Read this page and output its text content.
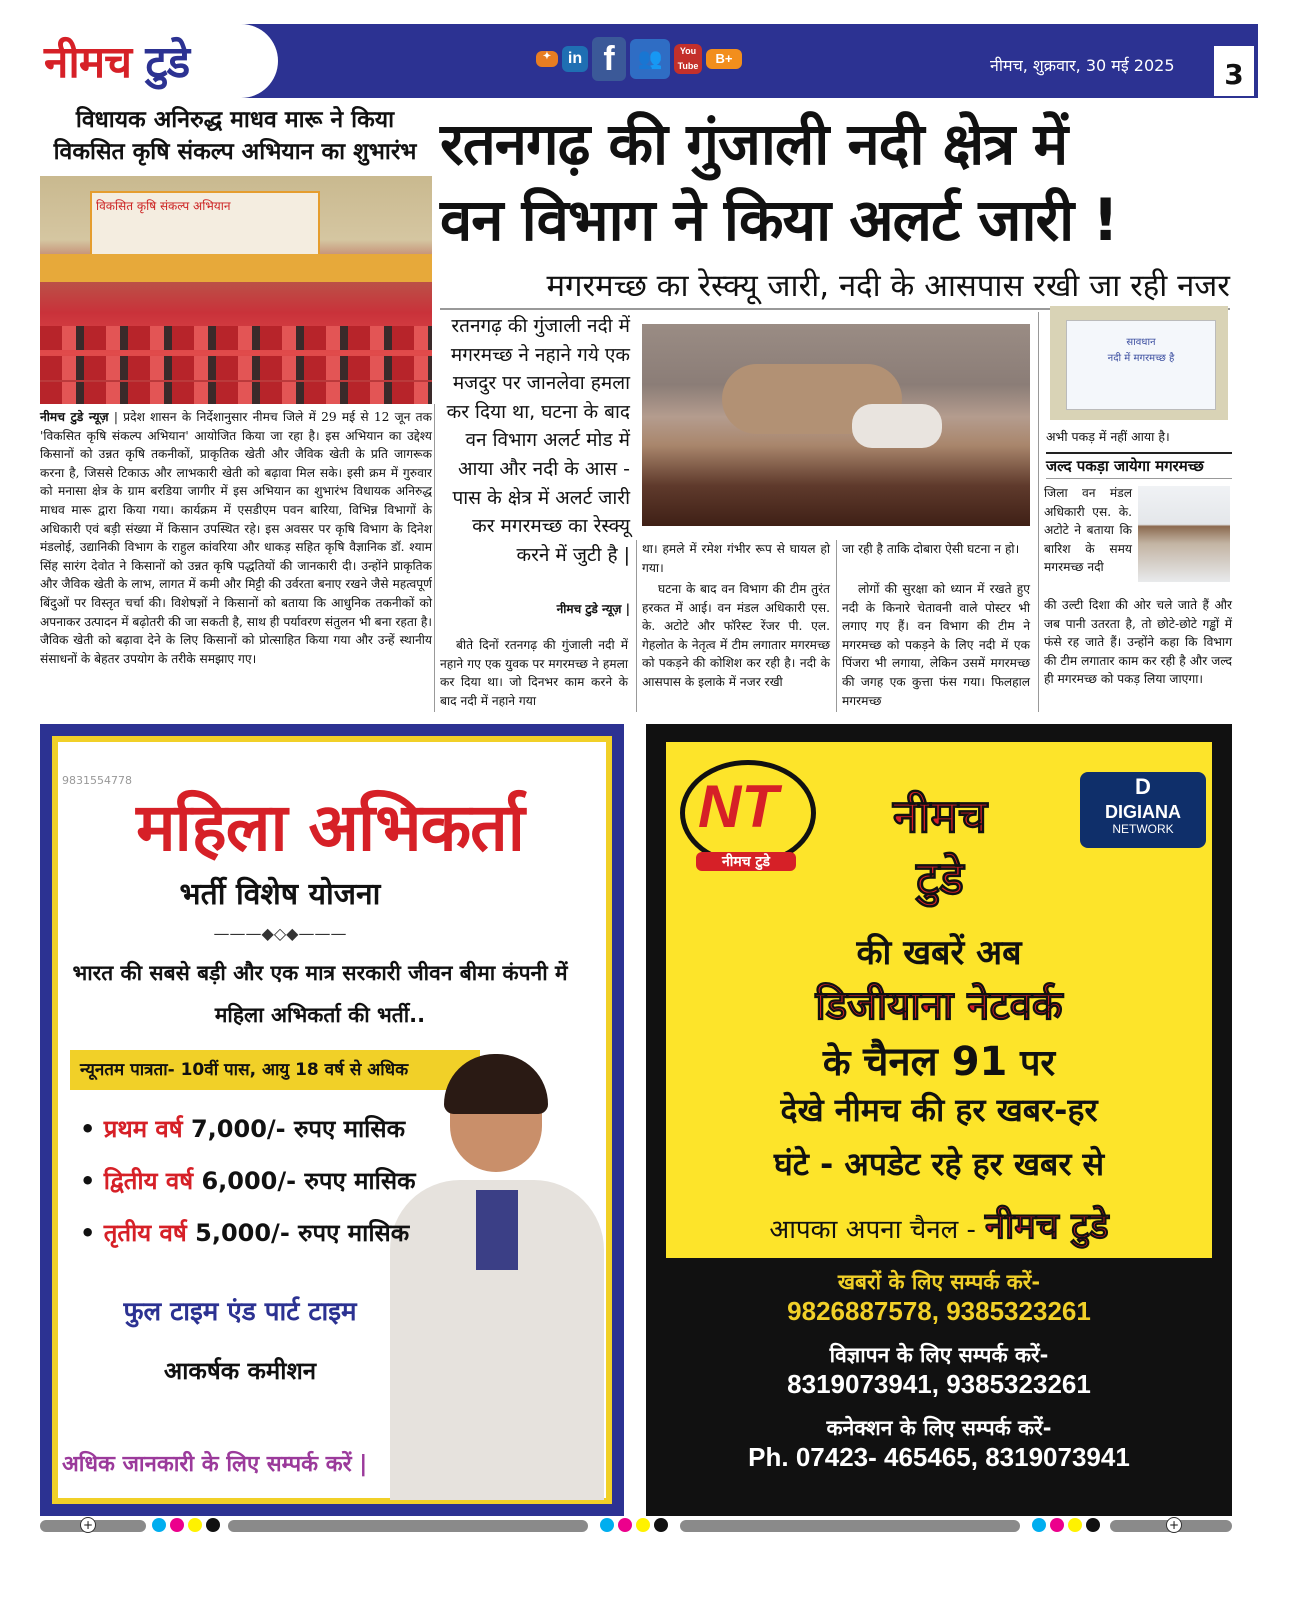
नीमच टुडे	✦	in f	👥	You
Tube	B+	नीमच, शुक्रवार, 30 मई 2025	3
विधायक अनिरुद्ध माधव मारू ने किया विकसित कृषि संकल्प अभियान का शुभारंभ
विकसित कृषि संकल्प अभियान
नीमच टुडे न्यूज़ | प्रदेश शासन के निर्देशानुसार नीमच जिले में 29 मई से 12 जून तक 'विकसित कृषि संकल्प अभियान' आयोजित किया जा रहा है। इस अभियान का उद्देश्य किसानों को उन्नत कृषि तकनीकों, प्राकृतिक खेती और जैविक खेती के प्रति जागरूक करना है, जिससे टिकाऊ और लाभकारी खेती को बढ़ावा मिल सके। इसी क्रम में गुरुवार को मनासा क्षेत्र के ग्राम बरडिया जागीर में इस अभियान का शुभारंभ विधायक अनिरुद्ध माधव मारू द्वारा किया गया। कार्यक्रम में एसडीएम पवन बारिया, विभिन्न विभागों के अधिकारी एवं बड़ी संख्या में किसान उपस्थित रहे। इस अवसर पर कृषि विभाग के दिनेश मंडलोई, उद्यानिकी विभाग के राहुल कांवरिया और धाकड़ सहित कृषि वैज्ञानिक डॉ. श्याम सिंह सारंग देवोत ने किसानों को उन्नत कृषि पद्धतियों की जानकारी दी। उन्होंने प्राकृतिक और जैविक खेती के लाभ, लागत में कमी और मिट्टी की उर्वरता बनाए रखने जैसे महत्वपूर्ण बिंदुओं पर विस्तृत चर्चा की। विशेषज्ञों ने किसानों को बताया कि आधुनिक तकनीकों को अपनाकर उत्पादन में बढ़ोतरी की जा सकती है, साथ ही पर्यावरण संतुलन भी बना रहता है। जैविक खेती को बढ़ावा देने के लिए किसानों को प्रोत्साहित किया गया और उन्हें स्थानीय संसाधनों के बेहतर उपयोग के तरीके समझाए गए।
रतनगढ़ की गुंजाली नदी क्षेत्र में
वन विभाग ने किया अलर्ट जारी !
मगरमच्छ का रेस्क्यू जारी, नदी के आसपास रखी जा रही नजर
रतनगढ़ की गुंजाली नदी में मगरमच्छ ने नहाने गये एक मजदुर पर जानलेवा हमला कर दिया था, घटना के बाद वन विभाग अलर्ट मोड में आया और नदी के आस - पास के क्षेत्र में अलर्ट जारी कर मगरमच्छ का रेस्क्यू करने में जुटी है |
नीमच टुडे न्यूज़ |
सावधान
नदी में मगरमच्छ है
अभी पकड़ में नहीं आया है।
जल्द पकड़ा जायेगा मगरमच्छ
जिला वन मंडल अधिकारी एस. के. अटोटे ने बताया कि बारिश के समय मगरमच्छ नदी
की उल्टी दिशा की ओर चले जाते हैं और जब पानी उतरता है, तो छोटे-छोटे गड्ढों में फंसे रह जाते हैं। उन्होंने कहा कि विभाग की टीम लगातार काम कर रही है और जल्द ही मगरमच्छ को पकड़ लिया जाएगा।
बीते दिनों रतनगढ़ की गुंजाली नदी में नहाने गए एक युवक पर मगरमच्छ ने हमला कर दिया था। जो दिनभर काम करने के बाद नदी में नहाने गया
था। हमले में रमेश गंभीर रूप से घायल हो गया।
घटना के बाद वन विभाग की टीम तुरंत हरकत में आई। वन मंडल अधिकारी एस. के. अटोटे और फॉरेस्ट रेंजर पी. एल. गेहलोत के नेतृत्व में टीम लगातार मगरमच्छ को पकड़ने की कोशिश कर रही है। नदी के आसपास के इलाके में नजर रखी
जा रही है ताकि दोबारा ऐसी घटना न हो।
लोगों की सुरक्षा को ध्यान में रखते हुए नदी के किनारे चेतावनी वाले पोस्टर भी लगाए गए हैं। वन विभाग की टीम ने मगरमच्छ को पकड़ने के लिए नदी में एक पिंजरा भी लगाया, लेकिन उसमें मगरमच्छ की जगह एक कुत्ता फंस गया। फिलहाल मगरमच्छ
9831554778
महिला अभिकर्ता
भर्ती विशेष योजना
———◆◇◆———
भारत की सबसे बड़ी और एक मात्र सरकारी जीवन बीमा कंपनी में महिला अभिकर्ता की भर्ती..
न्यूनतम पात्रता- 10वीं पास, आयु 18 वर्ष से अधिक
• प्रथम वर्ष 7,000/- रुपए मासिक
• द्वितीय वर्ष 6,000/- रुपए मासिक
• तृतीय वर्ष 5,000/- रुपए मासिक
फुल टाइम एंड पार्ट टाइम
आकर्षक कमीशन
अधिक जानकारी के लिए सम्पर्क करें |
NT
नीमच टुडे
नीमच
टुडे
D
DIGIANA
NETWORK
की खबरें अब
डिजीयाना नेटवर्क
के चैनल 91 पर
देखे नीमच की हर खबर-हर
घंटे - अपडेट रहे हर खबर से
आपका अपना चैनल - नीमच टुडे
खबरों के लिए सम्पर्क करें-
9826887578, 9385323261
विज्ञापन के लिए सम्पर्क करें-
8319073941, 9385323261
कनेक्शन के लिए सम्पर्क करें-
Ph. 07423- 465465, 8319073941
+	+
